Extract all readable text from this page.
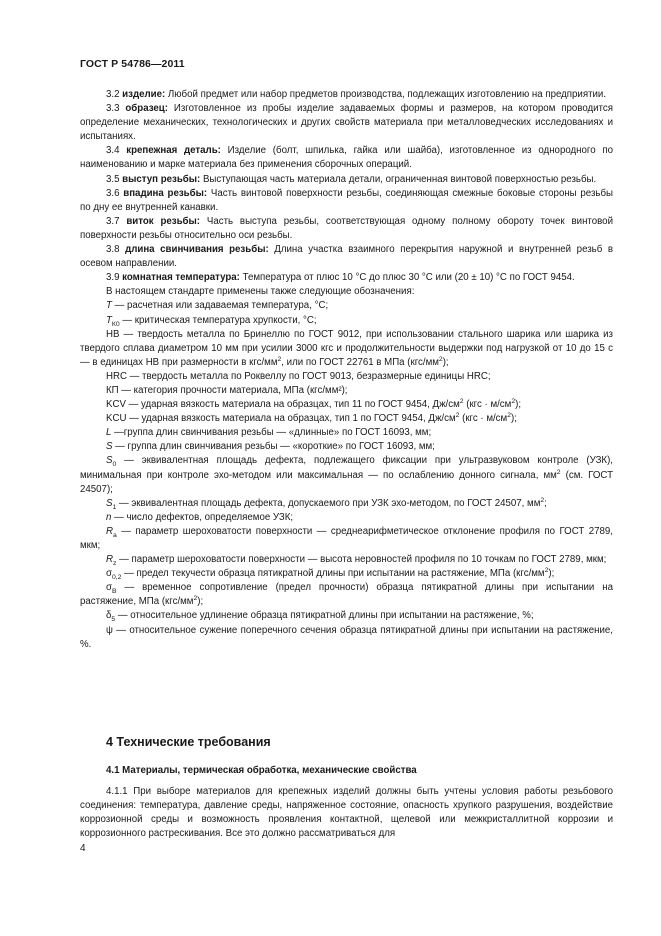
ГОСТ Р 54786—2011

3.2 изделие: Любой предмет или набор предметов производства, подлежащих изготовлению на предприятии.

3.3 образец: Изготовленное из пробы изделие задаваемых формы и размеров, на котором проводится определение механических, технологических и других свойств материала при металловедческих исследованиях и испытаниях.

3.4 крепежная деталь: Изделие (болт, шпилька, гайка или шайба), изготовленное из однородного по наименованию и марке материала без применения сборочных операций.

3.5 выступ резьбы: Выступающая часть материала детали, ограниченная винтовой поверхностью резьбы.

3.6 впадина резьбы: Часть винтовой поверхности резьбы, соединяющая смежные боковые стороны резьбы по дну ее внутренней канавки.

3.7 виток резьбы: Часть выступа резьбы, соответствующая одному полному обороту точек винтовой поверхности резьбы относительно оси резьбы.

3.8 длина свинчивания резьбы: Длина участка взаимного перекрытия наружной и внутренней резьб в осевом направлении.

3.9 комнатная температура: Температура от плюс 10 °С до плюс 30 °С или (20 ± 10) °С по ГОСТ 9454.

В настоящем стандарте применены также следующие обозначения:

T — расчетная или задаваемая температура, °С;

$T_{К0}$ — критическая температура хрупкости, °С;

НВ — твердость металла по Бринеллю по ГОСТ 9012, при использовании стального шарика или шарика из твердого сплава диаметром 10 мм при усилии 3000 кгс и продолжительности выдержки под нагрузкой от 10 до 15 с — в единицах НВ при размерности в кгс/$мм^2$, или по ГОСТ 22761 в МПа $(кгс/мм^2)$;

HRC — твердость металла по Роквеллу по ГОСТ 9013, безразмерные единицы HRC;

КП — категория прочности материала, МПа (кгс/мм²);

KCV — ударная вязкость материала на образцах, тип 11 по ГОСТ 9454, $Дж/см^2$ $(кгс \cdot м/см^2)$;

KCU — ударная вязкость материала на образцах, тип 1 по ГОСТ 9454, $Дж/см^2$ $(кгс \cdot м/см^2)$;

L —группа длин свинчивания резьбы — «длинные» по ГОСТ 16093, мм;

S — группа длин свинчивания резьбы — «короткие» по ГОСТ 16093, мм;

$S_0$ — эквивалентная площадь дефекта, подлежащего фиксации при ультразвуковом контроле (УЗК), минимальная при контроле эхо-методом или максимальная — по ослаблению донного сигнала, $мм^2$ (см. ГОСТ 24507);

$S_1$ — эквивалентная площадь дефекта, допускаемого при УЗК эхо-методом, по ГОСТ 24507, $мм^2$;

n — число дефектов, определяемое УЗК;

$R_a$ — параметр шероховатости поверхности — среднеарифметическое отклонение профиля по ГОСТ 2789, мкм;

$R_z$ — параметр шероховатости поверхности — высота неровностей профиля по 10 точкам по ГОСТ 2789, мкм;

$\sigma_{0,2}$ — предел текучести образца пятикратной длины при испытании на растяжение, МПа $(кгс/мм^2)$;

$\sigma_В$ — временное сопротивление (предел прочности) образца пятикратной длины при испытании на растяжение, МПа $(кгс/мм^2)$;

$\delta_5$ — относительное удлинение образца пятикратной длины при испытании на растяжение, %;

ψ — относительное сужение поперечного сечения образца пятикратной длины при испытании на растяжение, %.

4 Технические требования
4.1 Материалы, термическая обработка, механические свойства

4.1.1 При выборе материалов для крепежных изделий должны быть учтены условия работы резьбового соединения: температура, давление среды, напряженное состояние, опасность хрупкого разрушения, воздействие коррозионной среды и возможность проявления контактной, щелевой или межкристаллитной коррозии и коррозионного растрескивания. Все это должно рассматриваться для

4
